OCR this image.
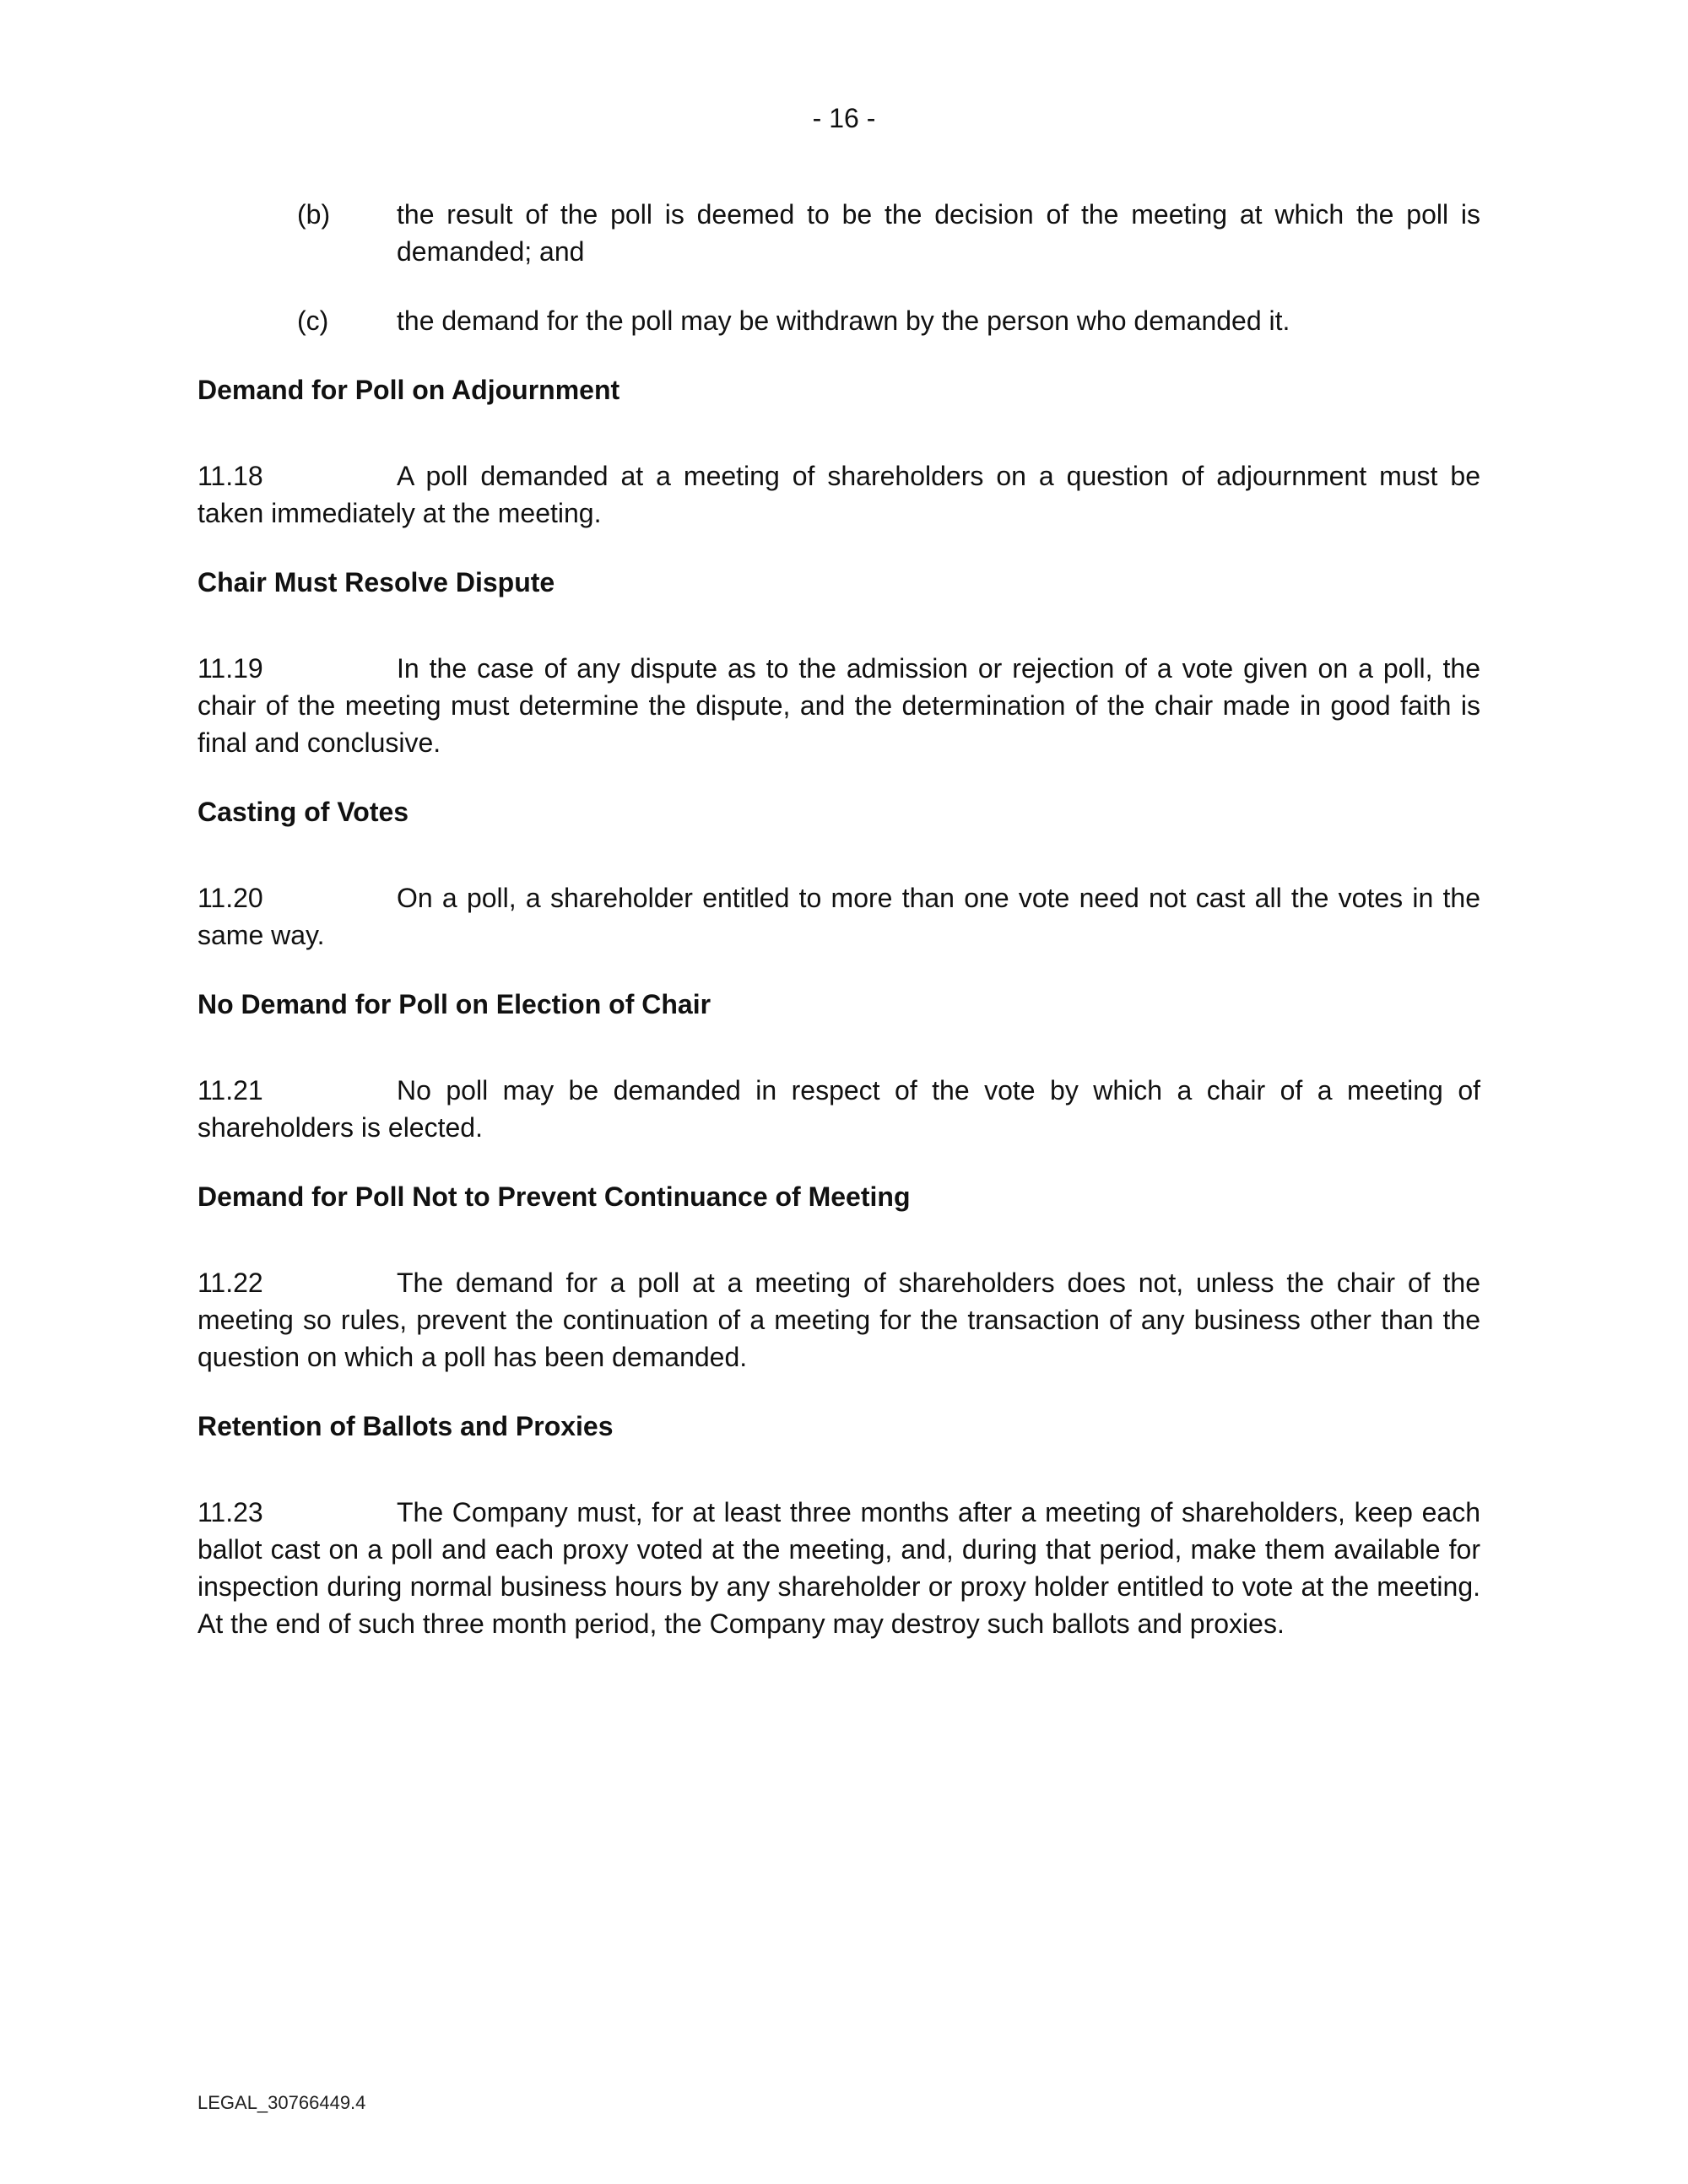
- 16 -
(b)	the result of the poll is deemed to be the decision of the meeting at which the poll is demanded; and
(c)	the demand for the poll may be withdrawn by the person who demanded it.
Demand for Poll on Adjournment

11.18	A poll demanded at a meeting of shareholders on a question of adjournment must be taken immediately at the meeting.

Chair Must Resolve Dispute

11.19	In the case of any dispute as to the admission or rejection of a vote given on a poll, the chair of the meeting must determine the dispute, and the determination of the chair made in good faith is final and conclusive.

Casting of Votes

11.20	On a poll, a shareholder entitled to more than one vote need not cast all the votes in the same way.

No Demand for Poll on Election of Chair

11.21	No poll may be demanded in respect of the vote by which a chair of a meeting of shareholders is elected.

Demand for Poll Not to Prevent Continuance of Meeting

11.22	The demand for a poll at a meeting of shareholders does not, unless the chair of the meeting so rules, prevent the continuation of a meeting for the transaction of any business other than the question on which a poll has been demanded.

Retention of Ballots and Proxies

11.23	The Company must, for at least three months after a meeting of shareholders, keep each ballot cast on a poll and each proxy voted at the meeting, and, during that period, make them available for inspection during normal business hours by any shareholder or proxy holder entitled to vote at the meeting. At the end of such three month period, the Company may destroy such ballots and proxies.

LEGAL_30766449.4
